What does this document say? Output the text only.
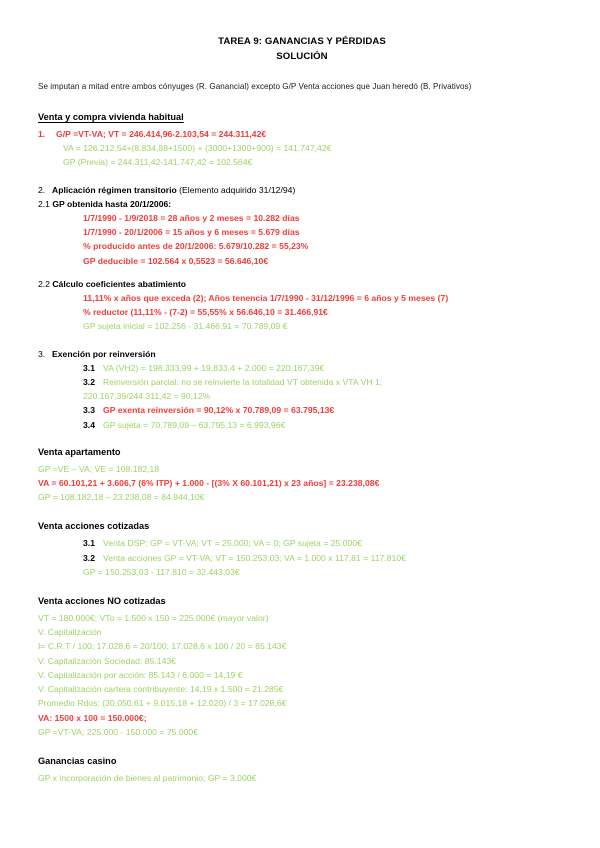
TAREA 9: GANANCIAS Y PÉRDIDAS
SOLUCIÓN

Se imputan a mitad entre ambos cónyuges (R. Ganancial) excepto G/P Venta acciones que Juan heredó (B. Privativos)

Venta y compra vivienda habitual
1.	G/P =VT-VA; VT = 246.414,96-2.103,54 = 244.311,42€
VA = 126.212,54+(8.834,88+1500) + (3000+1300+900) = 141.747,42€
GP (Previa) = 244.311,42-141.747,42 = 102.564€
2. Aplicación régimen transitorio (Elemento adquirido 31/12/94)
2.1 GP obtenida hasta 20/1/2006:
1/7/1990 - 1/9/2018 = 28 años y 2 meses = 10.282 días
1/7/1990 - 20/1/2006 = 15 años y 6 meses = 5.679 días
% producido antes de 20/1/2006: 5.679/10.282 = 55,23%
GP deducible = 102.564 x 0,5523 = 56.646,10€
2.2 Cálculo coeficientes abatimiento
11,11% x años que exceda (2); Años tenencia 1/7/1990 - 31/12/1996 = 6 años y 5 meses (7)
% reductor (11,11% - (7-2) = 55,55% x 56.646,10 = 31.466,91€
GP sujeta inicial = 102.256 - 31.466,91 = 70.789,09 €
3. Exención por reinversión
3.1 VA (VH2) = 198.333,99 + 19.833,4 + 2.000 = 220.167,39€
3.2 Reinversión parcial: no se reinvierte la totalidad VT obtenida x VTA VH 1;
220.167,39/244.311,42 = 90,12%
3.3 GP exenta reinversión = 90,12% x 70.789,09 = 63.795,13€
3.4 GP sujeta = 70.789,09 – 63.795,13 = 6.993,96€
Venta apartamento
GP =VE – VA; VE = 108.182,18
VA = 60.101,21 + 3.606,7 (6% ITP) + 1.000 - [(3% X 60.101,21) x 23 años] = 23.238,08€
GP = 108.182,18 – 23.238,08 = 84.944,10€
Venta acciones cotizadas
3.1 Venta DSP; GP = VT-VA; VT = 25.000; VA = 0; GP sujeta = 25.000€
3.2 Venta acciones GP = VT-VA; VT = 150.253,03; VA = 1.000 x 117,81 = 117.810€
GP = 150.253,03 - 117.810 = 32.443,03€
Venta acciones NO cotizadas
VT = 180.000€; VTo = 1.500 x 150 = 225.000€ (mayor valor)
V. Capitalización
I= C.R.T / 100; 17.028,6 = 20/100; 17.028,6 x 100 / 20 = 85.143€
V. Capitalización Sociedad: 85.143€
V. Capitalización por acción: 85.143 / 6.000 = 14,19 €
V. Capitalización cartera contribuyente: 14,19 x 1.500 = 21.285€
Promedio Rdos: (30.050,61 + 9.015,18 + 12.020) / 3 = 17.028,6€
VA: 1500 x 100 = 150.000€;
GP =VT-VA; 225.000 - 150.000 = 75.000€
Ganancias casino
GP x incorporación de bienes al patrimonio; GP = 3.000€
